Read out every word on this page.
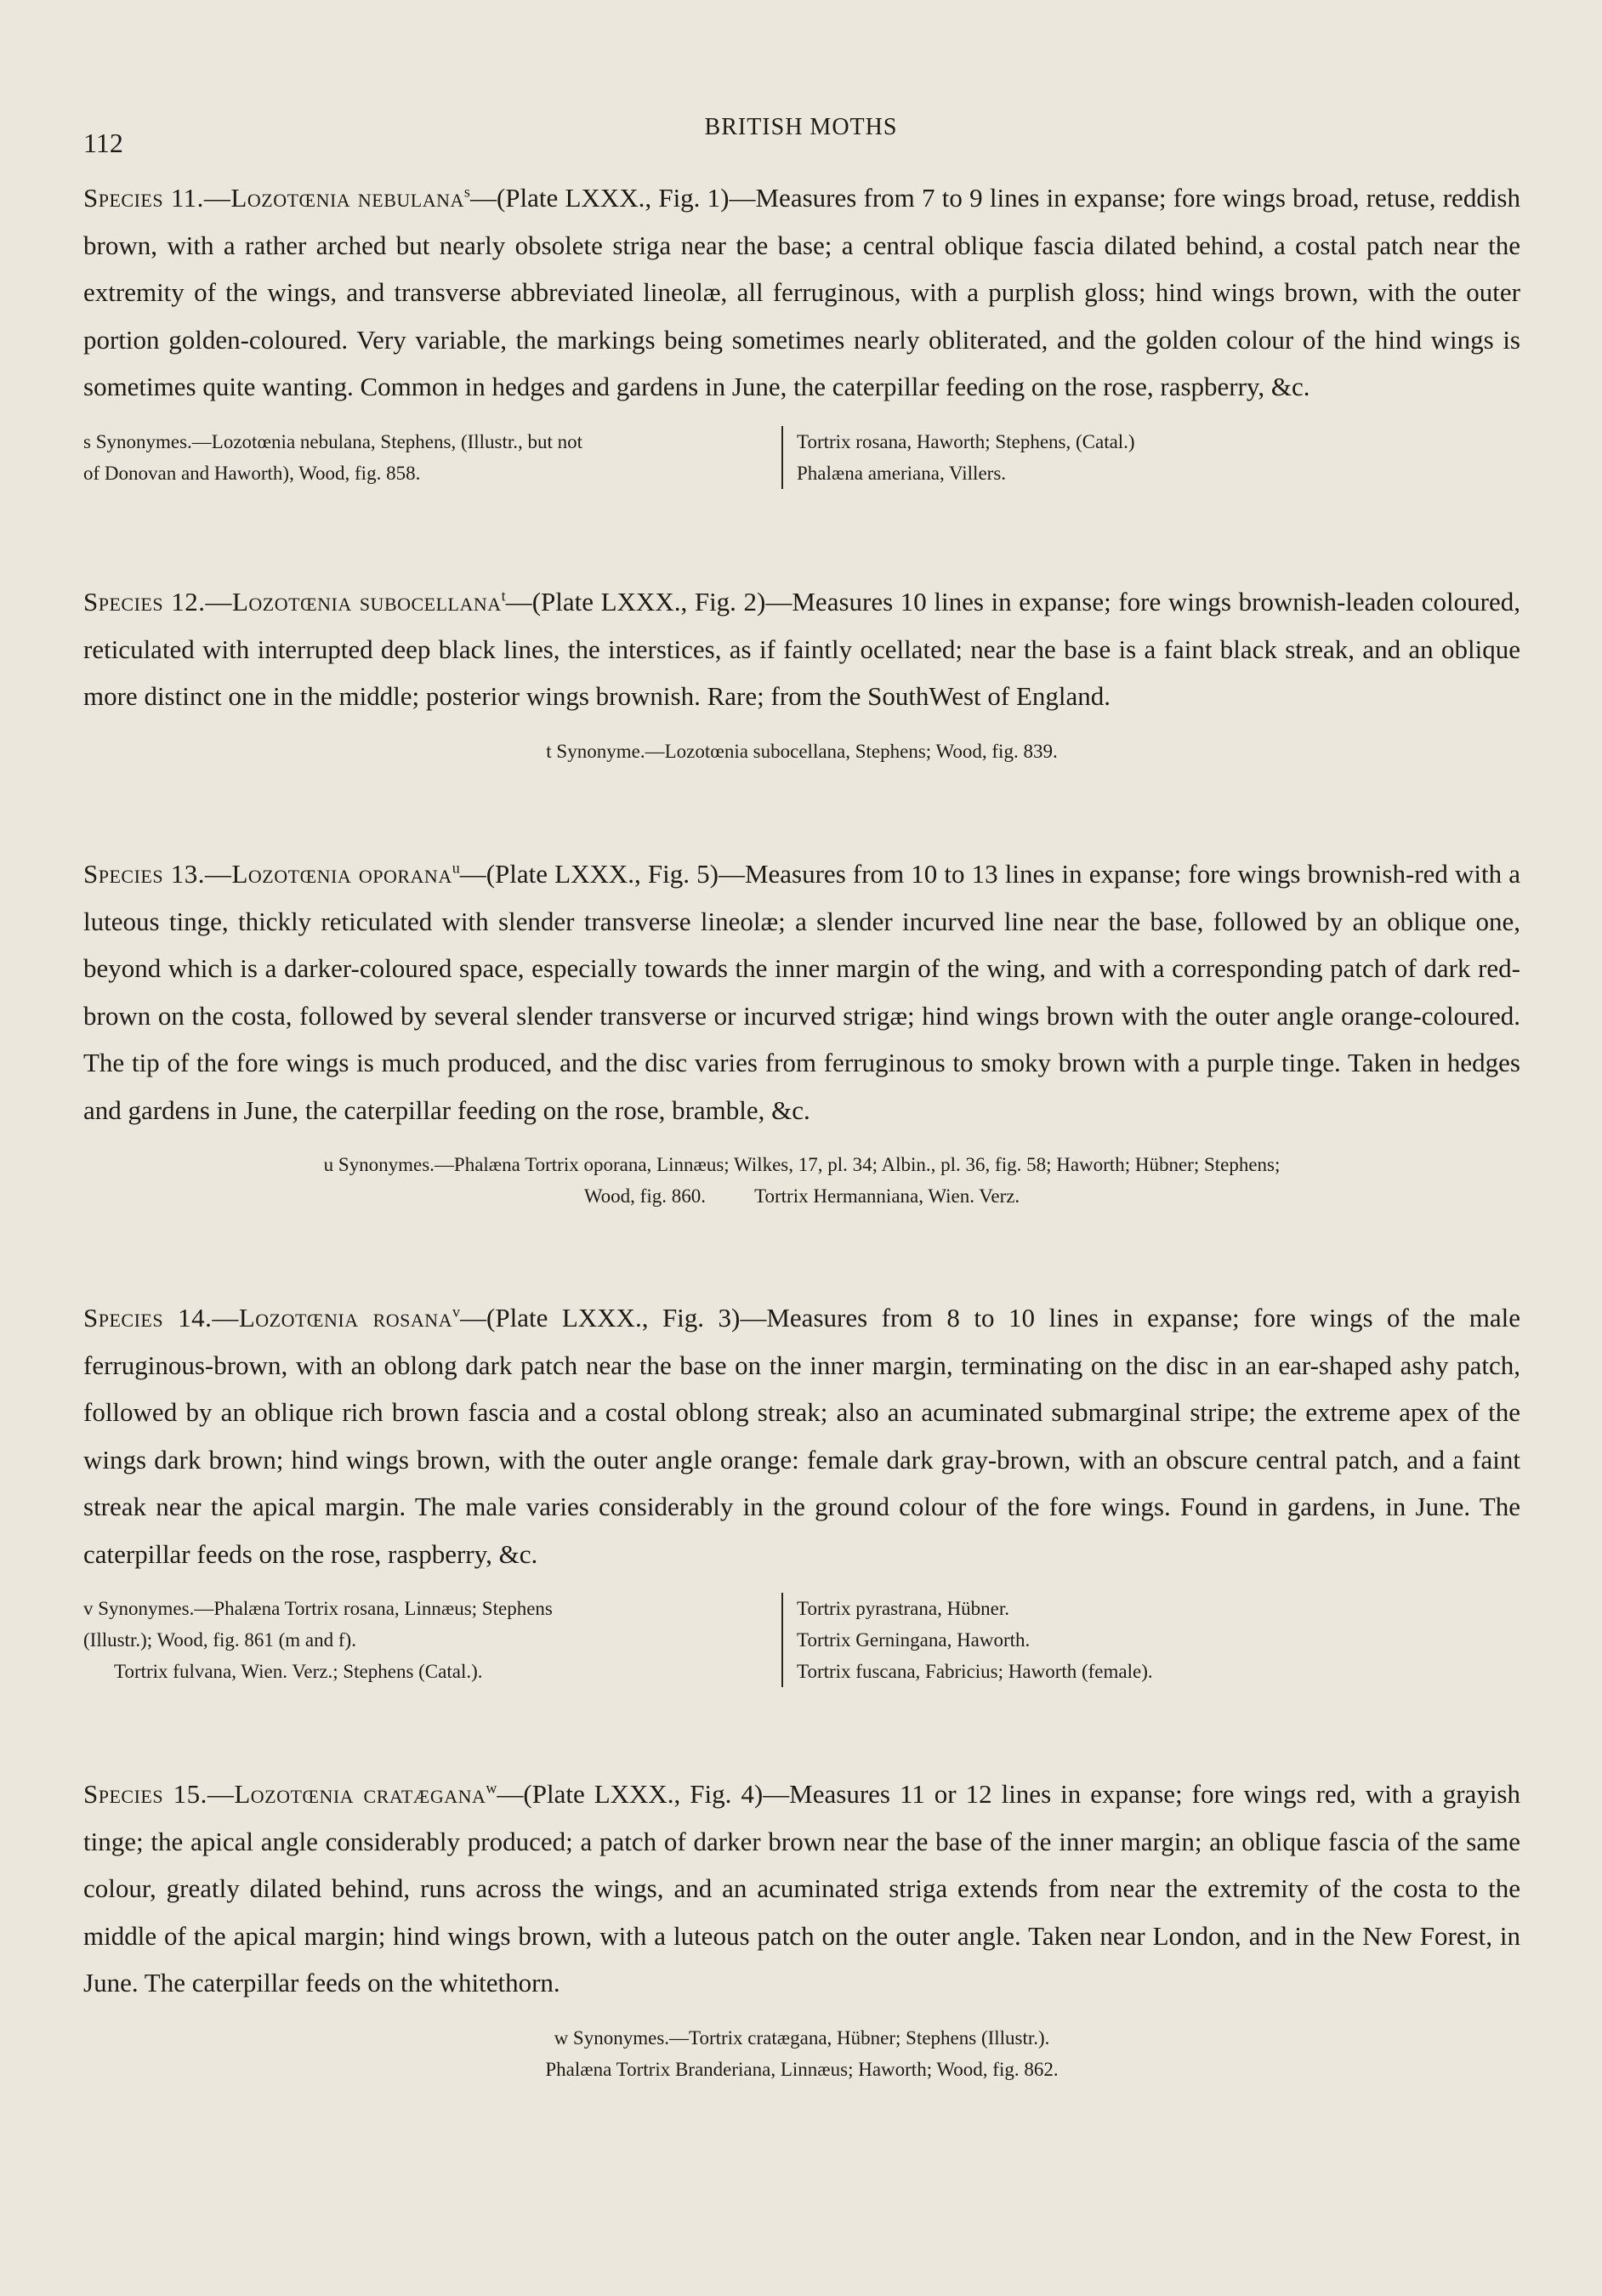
112
BRITISH MOTHS

Species 11.—Lozotœnia nebulana$^s$—(Plate LXXX., Fig. 1)—Measures from 7 to 9 lines in expanse; fore wings broad, retuse, reddish brown, with a rather arched but nearly obsolete striga near the base; a central oblique fascia dilated behind, a costal patch near the extremity of the wings, and transverse abbreviated lineolæ, all ferruginous, with a purplish gloss; hind wings brown, with the outer portion golden-coloured. Very variable, the markings being sometimes nearly obliterated, and the golden colour of the hind wings is sometimes quite wanting. Common in hedges and gardens in June, the caterpillar feeding on the rose, raspberry, &c.

s Synonymes.—Lozotœnia nebulana, Stephens, (Illustr., but not
of Donovan and Haworth), Wood, fig. 858.
Tortrix rosana, Haworth; Stephens, (Catal.)
Phalæna ameriana, Villers.

Species 12.—Lozotœnia subocellana$^t$—(Plate LXXX., Fig. 2)—Measures 10 lines in expanse; fore wings brownish-leaden coloured, reticulated with interrupted deep black lines, the interstices, as if faintly ocellated; near the base is a faint black streak, and an oblique more distinct one in the middle; posterior wings brownish. Rare; from the SouthWest of England.

t Synonyme.—Lozotœnia subocellana, Stephens; Wood, fig. 839.

Species 13.—Lozotœnia oporana$^u$—(Plate LXXX., Fig. 5)—Measures from 10 to 13 lines in expanse; fore wings brownish-red with a luteous tinge, thickly reticulated with slender transverse lineolæ; a slender incurved line near the base, followed by an oblique one, beyond which is a darker-coloured space, especially towards the inner margin of the wing, and with a corresponding patch of dark red-brown on the costa, followed by several slender transverse or incurved strigæ; hind wings brown with the outer angle orange-coloured. The tip of the fore wings is much produced, and the disc varies from ferruginous to smoky brown with a purple tinge. Taken in hedges and gardens in June, the caterpillar feeding on the rose, bramble, &c.

u Synonymes.—Phalæna Tortrix oporana, Linnæus; Wilkes, 17, pl. 34; Albin., pl. 36, fig. 58; Haworth; Hübner; Stephens;
Wood, fig. 860.          Tortrix Hermanniana, Wien. Verz.

Species 14.—Lozotœnia rosana$^v$—(Plate LXXX., Fig. 3)—Measures from 8 to 10 lines in expanse; fore wings of the male ferruginous-brown, with an oblong dark patch near the base on the inner margin, terminating on the disc in an ear-shaped ashy patch, followed by an oblique rich brown fascia and a costal oblong streak; also an acuminated submarginal stripe; the extreme apex of the wings dark brown; hind wings brown, with the outer angle orange: female dark gray-brown, with an obscure central patch, and a faint streak near the apical margin. The male varies considerably in the ground colour of the fore wings. Found in gardens, in June. The caterpillar feeds on the rose, raspberry, &c.

v Synonymes.—Phalæna Tortrix rosana, Linnæus; Stephens
(Illustr.); Wood, fig. 861 (m and f).
Tortrix fulvana, Wien. Verz.; Stephens (Catal.).
Tortrix pyrastrana, Hübner.
Tortrix Gerningana, Haworth.
Tortrix fuscana, Fabricius; Haworth (female).

Species 15.—Lozotœnia cratægana$^w$—(Plate LXXX., Fig. 4)—Measures 11 or 12 lines in expanse; fore wings red, with a grayish tinge; the apical angle considerably produced; a patch of darker brown near the base of the inner margin; an oblique fascia of the same colour, greatly dilated behind, runs across the wings, and an acuminated striga extends from near the extremity of the costa to the middle of the apical margin; hind wings brown, with a luteous patch on the outer angle. Taken near London, and in the New Forest, in June. The caterpillar feeds on the whitethorn.

w Synonymes.—Tortrix cratægana, Hübner; Stephens (Illustr.).
Phalæna Tortrix Branderiana, Linnæus; Haworth; Wood, fig. 862.
